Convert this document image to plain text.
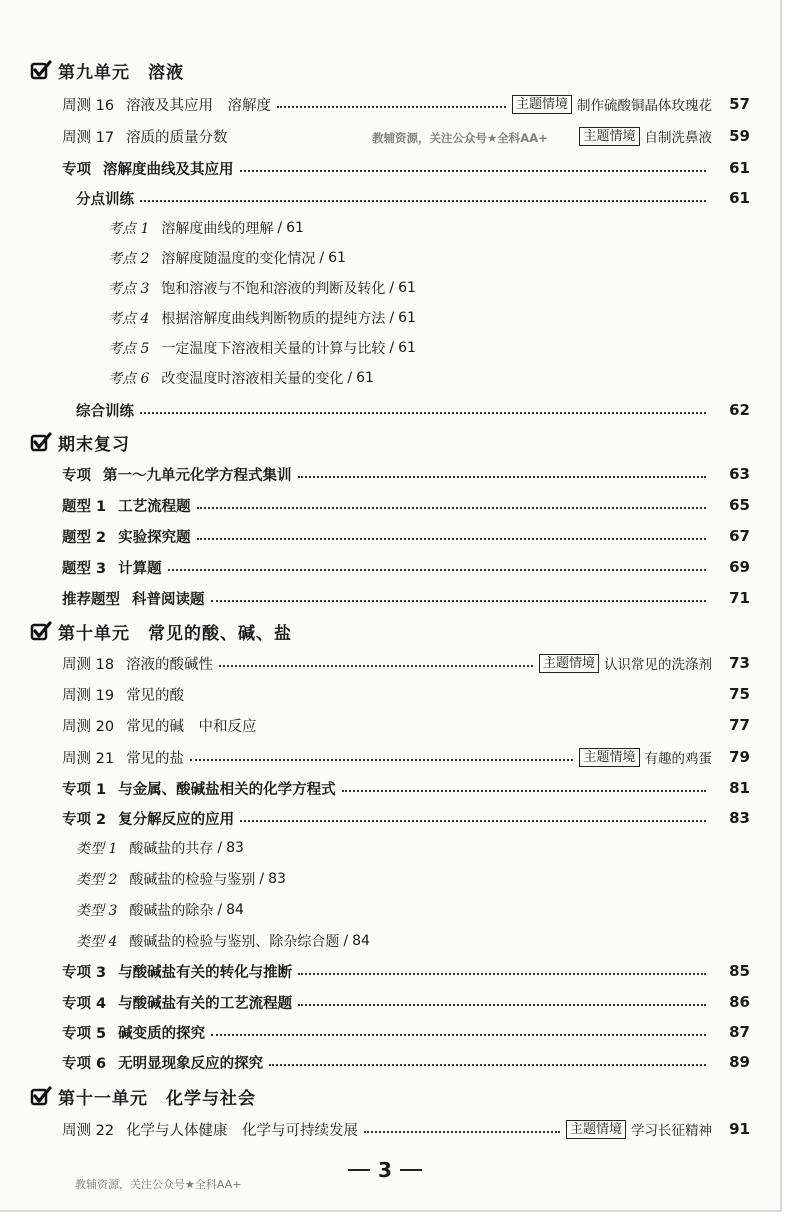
第九单元　溶液
周测 16 溶液及其应用　溶解度	主题情境 制作硫酸铜晶体玫瑰花	57
周测 17 溶质的质量分数	主题情境 自制洗鼻液	59
教辅资源，关注公众号★全科AA+
专项 溶解度曲线及其应用	61
分点训练	61
考点 1 溶解度曲线的理解 / 61
考点 2 溶解度随温度的变化情况 / 61
考点 3 饱和溶液与不饱和溶液的判断及转化 / 61
考点 4 根据溶解度曲线判断物质的提纯方法 / 61
考点 5 一定温度下溶液相关量的计算与比较 / 61
考点 6 改变温度时溶液相关量的变化 / 61
综合训练	62
期末复习
专项 第一～九单元化学方程式集训	63
题型 1 工艺流程题	65
题型 2 实验探究题	67
题型 3 计算题	69
推荐题型 科普阅读题	71
第十单元　常见的酸、碱、盐
周测 18 溶液的酸碱性	主题情境 认识常见的洗涤剂	73
周测 19 常见的酸	75
周测 20 常见的碱　中和反应	77
周测 21 常见的盐	主题情境 有趣的鸡蛋	79
专项 1 与金属、酸碱盐相关的化学方程式	81
专项 2 复分解反应的应用	83
类型 1 酸碱盐的共存 / 83
类型 2 酸碱盐的检验与鉴别 / 83
类型 3 酸碱盐的除杂 / 84
类型 4 酸碱盐的检验与鉴别、除杂综合题 / 84
专项 3 与酸碱盐有关的转化与推断	85
专项 4 与酸碱盐有关的工艺流程题	86
专项 5 碱变质的探究	87
专项 6 无明显现象反应的探究	89
第十一单元　化学与社会
周测 22 化学与人体健康　化学与可持续发展	主题情境 学习长征精神	91
3
教辅资源，关注公众号★全科AA+
